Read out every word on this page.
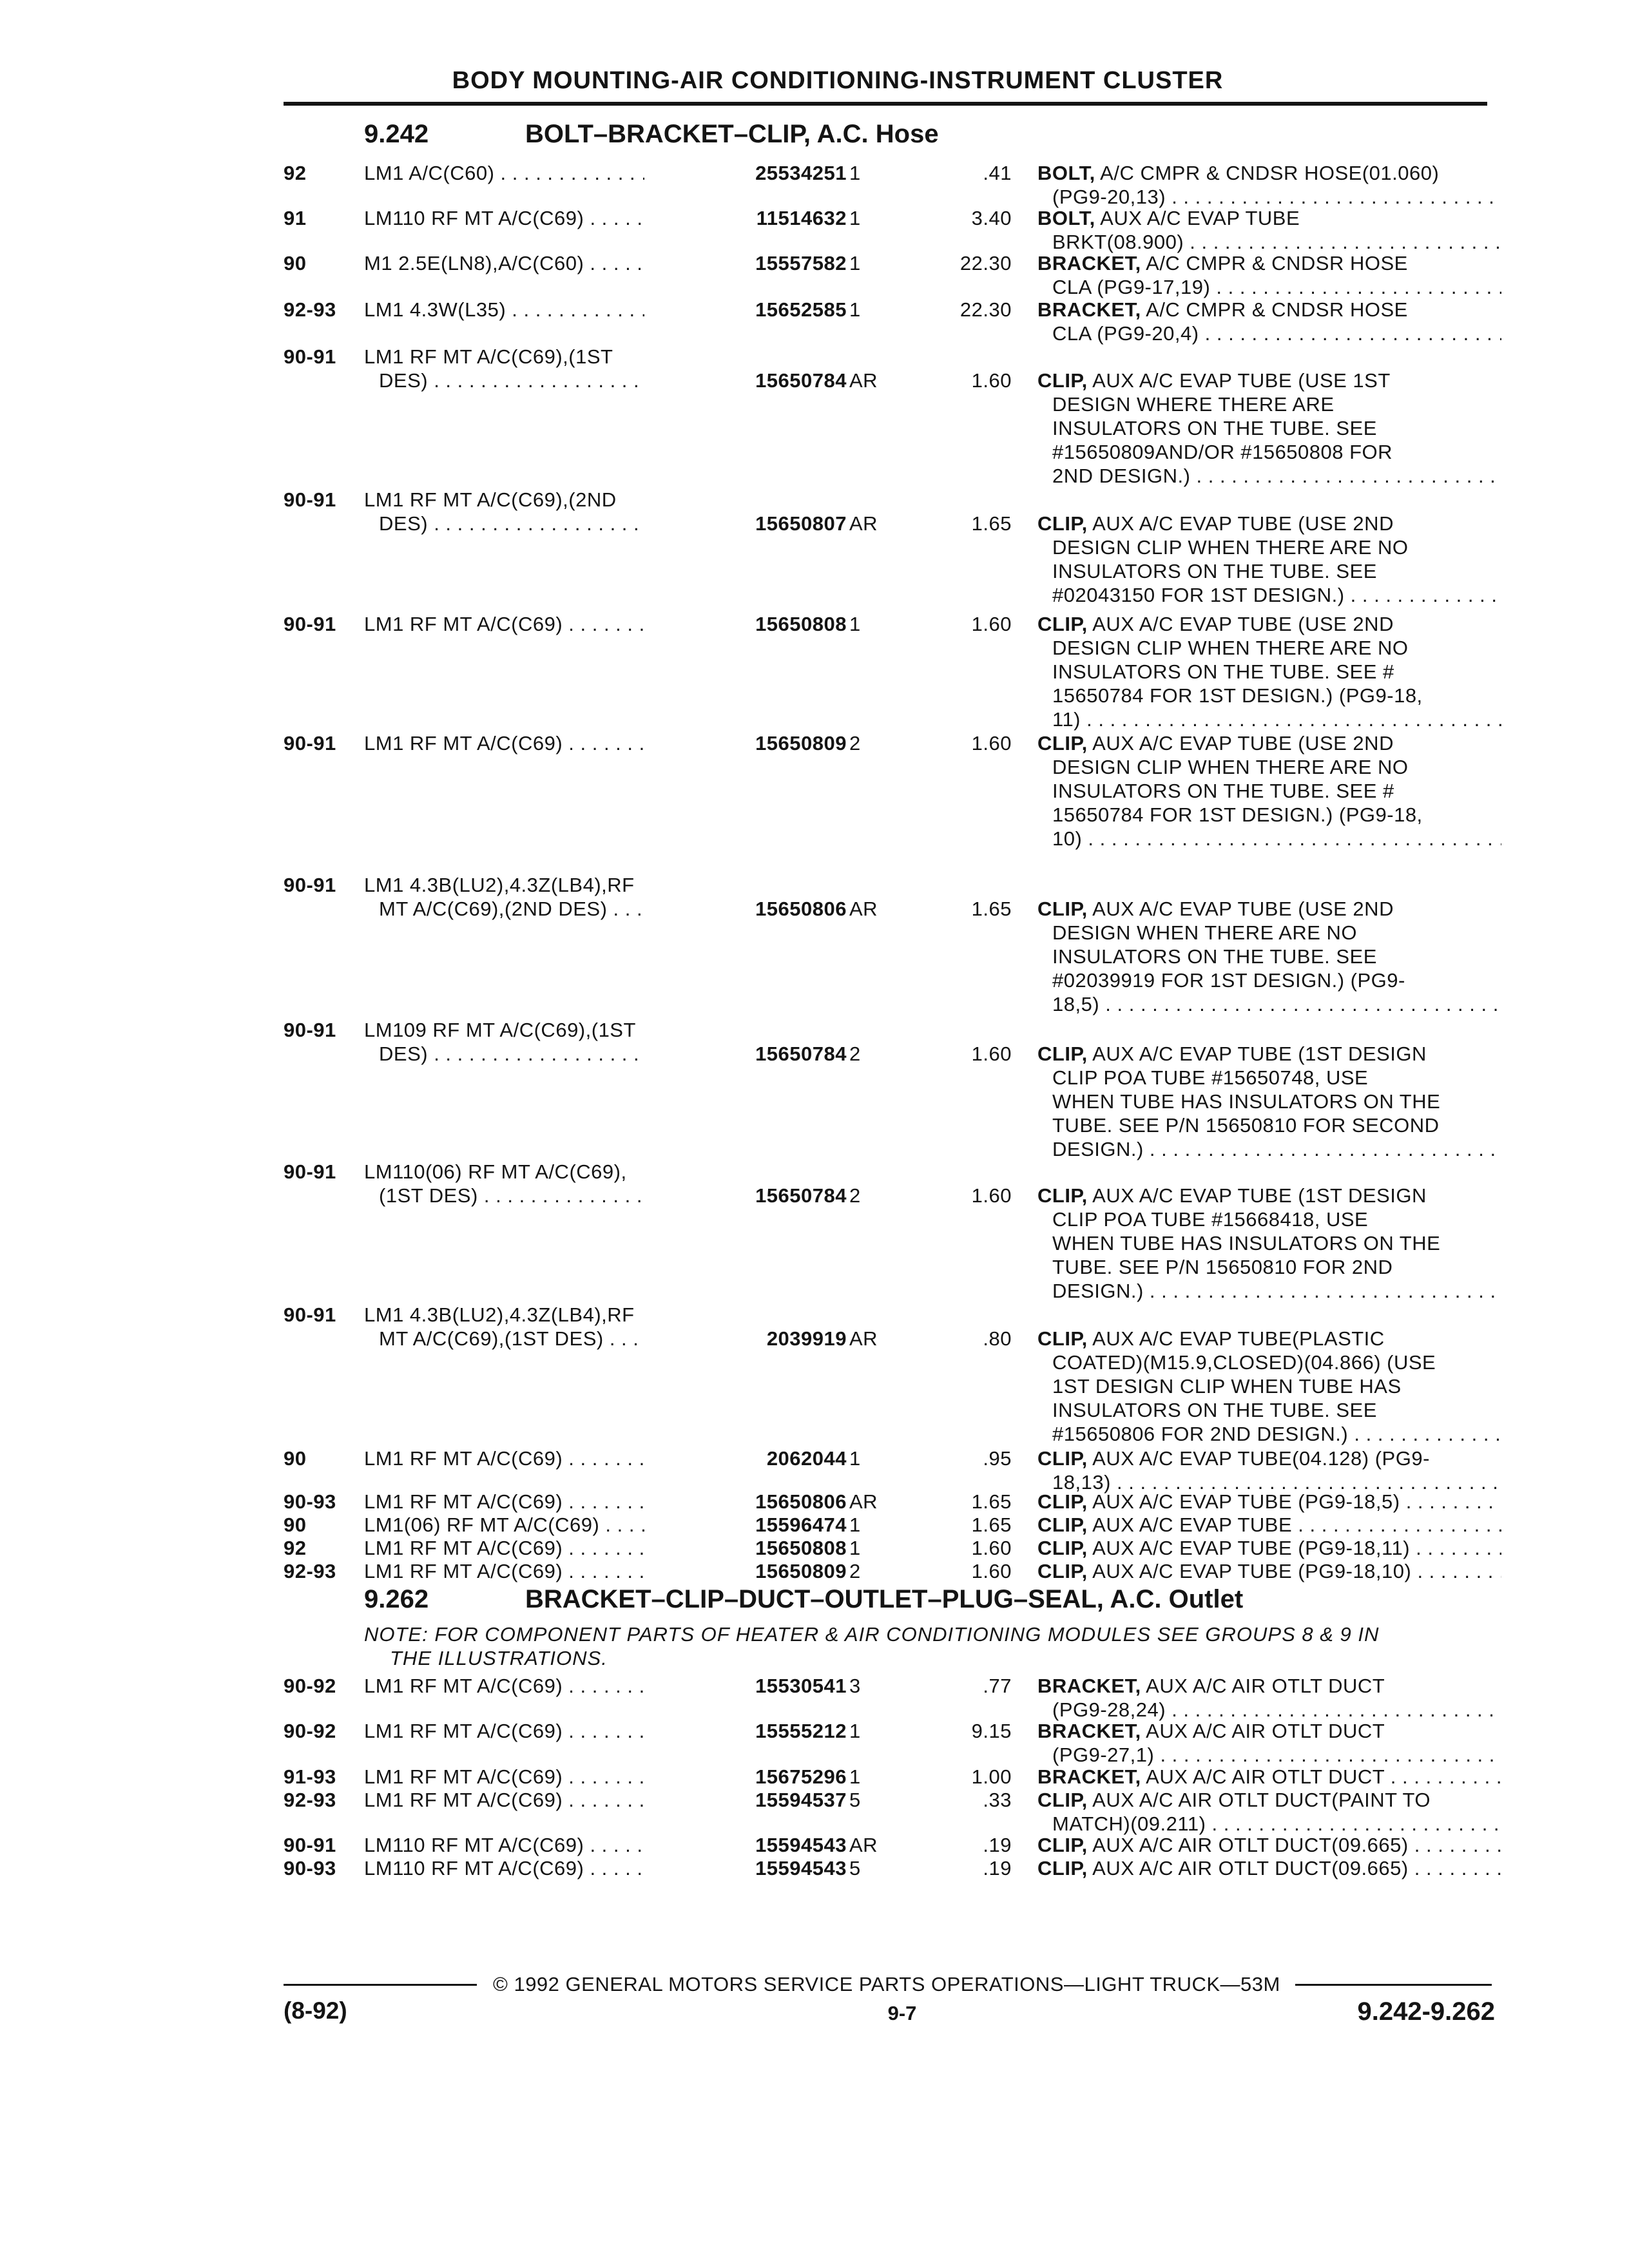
BODY MOUNTING-AIR CONDITIONING-INSTRUMENT CLUSTER
9.242	BOLT–BRACKET–CLIP, A.C. Hose
92	LM1 A/C(C60) . . .	25534251 1	.41 BOLT, A/C CMPR & CNDSR HOSE(01.060)
(PG9-20,13) . . .
91	LM110 RF MT A/C(C69) . . .	11514632 1	3.40 BOLT, AUX A/C EVAP TUBE
BRKT(08.900) . . .
90	M1 2.5E(LN8),A/C(C60) . . .	15557582 1	22.30 BRACKET, A/C CMPR & CNDSR HOSE
CLA (PG9-17,19) . . .
92-93 LM1 4.3W(L35) . . .	15652585 1	22.30 BRACKET, A/C CMPR & CNDSR HOSE
CLA (PG9-20,4) . . .
90-91 LM1 RF MT A/C(C69),(1ST
DES) . . .	15650784 AR	1.60 CLIP, AUX A/C EVAP TUBE (USE 1ST
DESIGN WHERE THERE ARE
INSULATORS ON THE TUBE. SEE
#15650809AND/OR #15650808 FOR
2ND DESIGN.) . . .
90-91 LM1 RF MT A/C(C69),(2ND
DES) . . .	15650807 AR	1.65 CLIP, AUX A/C EVAP TUBE (USE 2ND
DESIGN CLIP WHEN THERE ARE NO
INSULATORS ON THE TUBE. SEE
#02043150 FOR 1ST DESIGN.) . . .
90-91 LM1 RF MT A/C(C69) . . .	15650808 1	1.60 CLIP, AUX A/C EVAP TUBE (USE 2ND
DESIGN CLIP WHEN THERE ARE NO
INSULATORS ON THE TUBE. SEE #
15650784 FOR 1ST DESIGN.) (PG9-18,
11) . . .
90-91 LM1 RF MT A/C(C69) . . .	15650809 2	1.60 CLIP, AUX A/C EVAP TUBE (USE 2ND
DESIGN CLIP WHEN THERE ARE NO
INSULATORS ON THE TUBE. SEE #
15650784 FOR 1ST DESIGN.) (PG9-18,
10) . . .
90-91 LM1 4.3B(LU2),4.3Z(LB4),RF
MT A/C(C69),(2ND DES) . . .	15650806 AR	1.65 CLIP, AUX A/C EVAP TUBE (USE 2ND
DESIGN WHEN THERE ARE NO
INSULATORS ON THE TUBE. SEE
#02039919 FOR 1ST DESIGN.) (PG9-
18,5) . . .
90-91 LM109 RF MT A/C(C69),(1ST
DES) . . .	15650784 2	1.60 CLIP, AUX A/C EVAP TUBE (1ST DESIGN
CLIP POA TUBE #15650748, USE
WHEN TUBE HAS INSULATORS ON THE
TUBE. SEE P/N 15650810 FOR SECOND
DESIGN.) . . .
90-91 LM110(06) RF MT A/C(C69),
(1ST DES) . . .	15650784 2	1.60 CLIP, AUX A/C EVAP TUBE (1ST DESIGN
CLIP POA TUBE #15668418, USE
WHEN TUBE HAS INSULATORS ON THE
TUBE. SEE P/N 15650810 FOR 2ND
DESIGN.) . . .
90-91 LM1 4.3B(LU2),4.3Z(LB4),RF
MT A/C(C69),(1ST DES) . . .	2039919 AR	.80 CLIP, AUX A/C EVAP TUBE(PLASTIC
COATED)(M15.9,CLOSED)(04.866) (USE
1ST DESIGN CLIP WHEN TUBE HAS
INSULATORS ON THE TUBE. SEE
#15650806 FOR 2ND DESIGN.) . . .
90	LM1 RF MT A/C(C69) . . .	2062044 1	.95 CLIP, AUX A/C EVAP TUBE(04.128) (PG9-
18,13) . . .
90-93 LM1 RF MT A/C(C69) . . .	15650806 AR	1.65 CLIP, AUX A/C EVAP TUBE (PG9-18,5) . . .
90	LM1(06) RF MT A/C(C69) . . .	15596474 1	1.65 CLIP, AUX A/C EVAP TUBE . . .
92	LM1 RF MT A/C(C69) . . .	15650808 1	1.60 CLIP, AUX A/C EVAP TUBE (PG9-18,11) . . .
92-93 LM1 RF MT A/C(C69) . . .	15650809 2	1.60 CLIP, AUX A/C EVAP TUBE (PG9-18,10) . . .
9.262	BRACKET–CLIP–DUCT–OUTLET–PLUG–SEAL, A.C. Outlet
NOTE: FOR COMPONENT PARTS OF HEATER & AIR CONDITIONING MODULES SEE GROUPS 8 & 9 IN

THE ILLUSTRATIONS.
90-92 LM1 RF MT A/C(C69) . . .	15530541 3	.77 BRACKET, AUX A/C AIR OTLT DUCT
(PG9-28,24) . . .
90-92 LM1 RF MT A/C(C69) . . .	15555212 1	9.15 BRACKET, AUX A/C AIR OTLT DUCT
(PG9-27,1) . . .
91-93 LM1 RF MT A/C(C69) . . .	15675296 1	1.00 BRACKET, AUX A/C AIR OTLT DUCT . . .
92-93 LM1 RF MT A/C(C69) . . .	15594537 5	.33 CLIP, AUX A/C AIR OTLT DUCT(PAINT TO
MATCH)(09.211) . . .
90-91 LM110 RF MT A/C(C69) . . .	15594543 AR	.19 CLIP, AUX A/C AIR OTLT DUCT(09.665) . . .
90-93 LM110 RF MT A/C(C69) . . .	15594543 5	.19 CLIP, AUX A/C AIR OTLT DUCT(09.665) . . .
© 1992 GENERAL MOTORS SERVICE PARTS OPERATIONS—LIGHT TRUCK—53M
(8-92)	9-7	9.242-9.262
